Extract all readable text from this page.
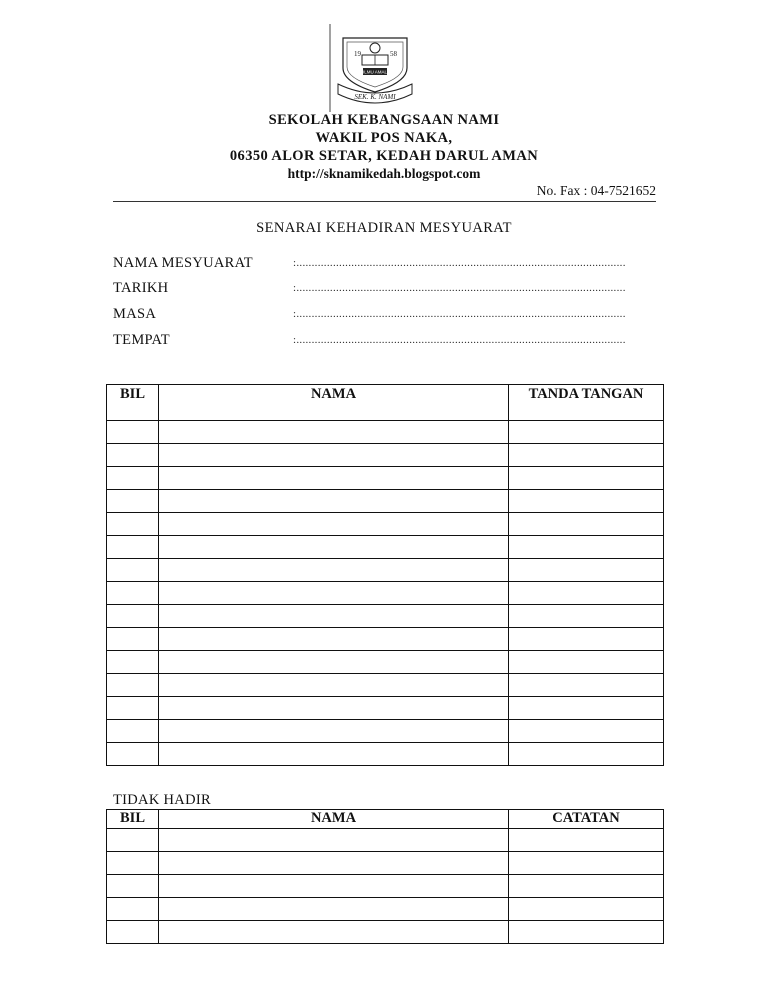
19	58
ILMU AMAL
SEK. K. NAMI
SEKOLAH KEBANGSAAN NAMI
WAKIL POS NAKA,
06350 ALOR SETAR, KEDAH DARUL AMAN
http://sknamikedah.blogspot.com
No. Fax : 04-7521652
SENARAI KEHADIRAN MESYUARAT
NAMA MESYUARAT	:............................................................................................................
TARIKH	:............................................................................................................
MASA	:............................................................................................................
TEMPAT	:............................................................................................................
BIL	NAMA	TANDA TANGAN

TIDAK HADIR
BIL	NAMA	CATATAN
